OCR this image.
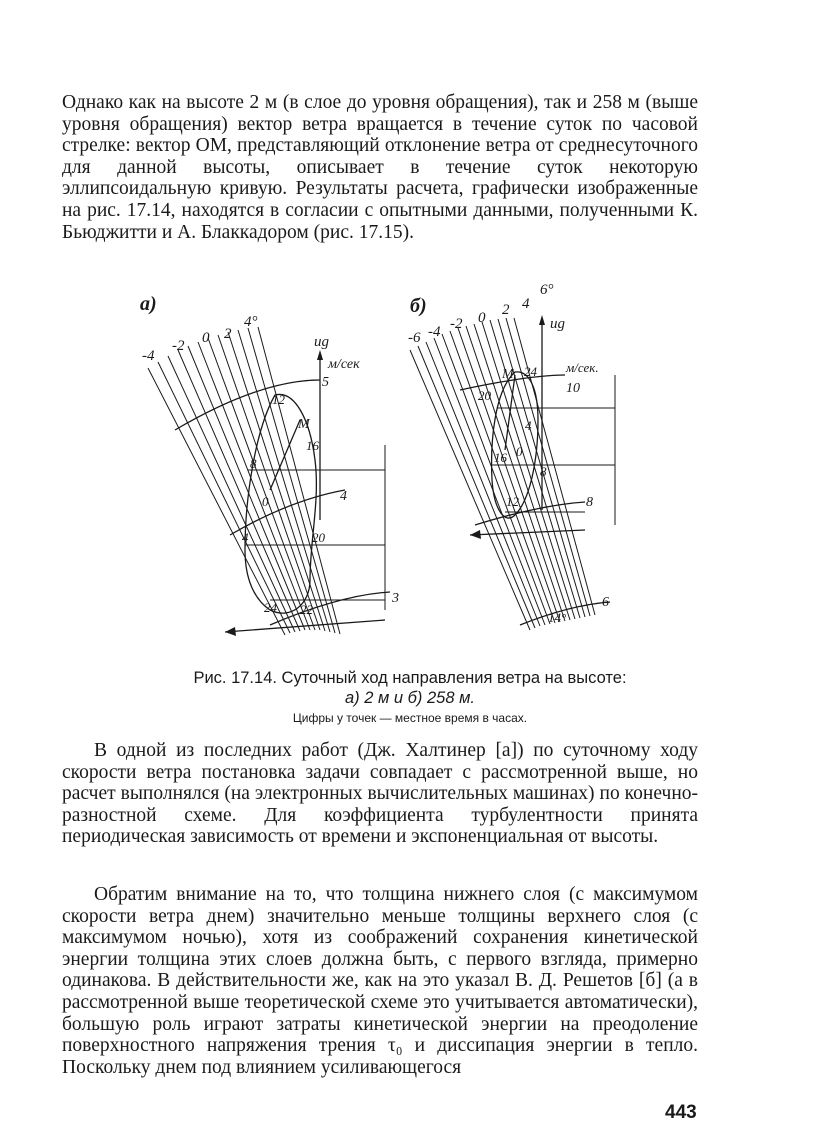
Однако как на высоте 2 м (в слое до уровня обращения), так и 258 м (выше уровня обращения) вектор ветра вращается в течение суток по часовой стрелке: вектор OM, представляющий отклонение ветра от среднесуточного для данной высоты, описывает в течение суток некоторую эллипсоидальную кривую. Результаты расчета, графически изображенные на рис. 17.14, находятся в согласии с опытными данными, полученными К. Бьюджитти и А. Блаккадором (рис. 17.15).

а)
-4
-2 0 2
4°
ug
м/сек
5
4
3
12
16
8
0
4	20
24 22
M
б)
-6 -4 -2 0 2 4
6°
ug
м/сек.
10
8
6
20
24
4
16 0
8
12
M
14°

Рис. 17.14. Суточный ход направления ветра на высоте:

а) 2 м и б) 258 м.

Цифры у точек — местное время в часах.

В одной из последних работ (Дж. Халтинер [а]) по суточному ходу скорости ветра постановка задачи совпадает с рассмотренной выше, но расчет выполнялся (на электронных вычислительных машинах) по конечно-разностной схеме. Для коэффициента турбулентности принята периодическая зависимость от времени и экспоненциальная от высоты.

Обратим внимание на то, что толщина нижнего слоя (с максимумом скорости ветра днем) значительно меньше толщины верхнего слоя (с максимумом ночью), хотя из соображений сохранения кинетической энергии толщина этих слоев должна быть, с первого взгляда, примерно одинакова. В действительности же, как на это указал В. Д. Решетов [б] (а в рассмотренной выше теоретической схеме это учитывается автоматически), большую роль играют затраты кинетической энергии на преодоление поверхностного напряжения трения τ₀ и диссипация энергии в тепло. Поскольку днем под влиянием усиливающегося

443
